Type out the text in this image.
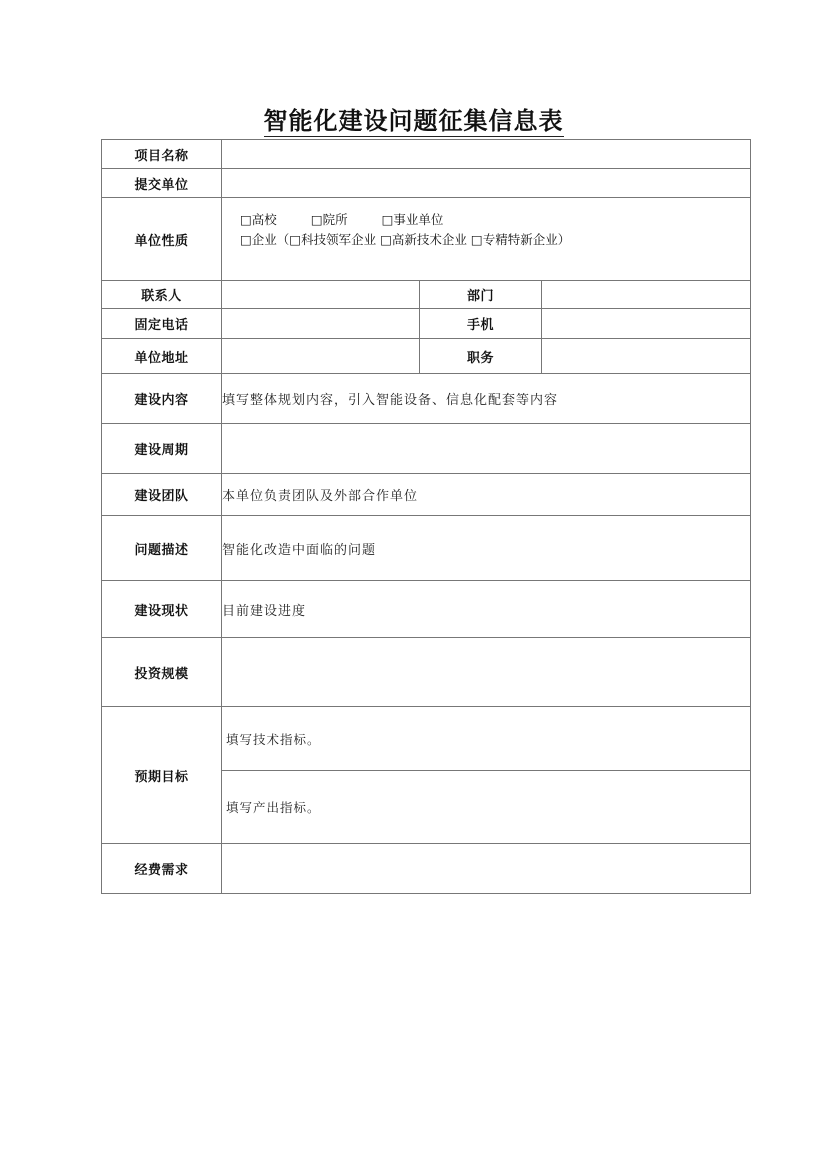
智能化建设问题征集信息表
项目名称			
提交单位			
单位性质	□高校 □院所 □事业单位
□企业（□科技领军企业 □高新技术企业 □专精特新企业）		

联系人		部门	
固定电话		手机	
单位地址		职务	
建设内容	填写整体规划内容，引入智能设备、信息化配套等内容		
建设周期			
建设团队	本单位负责团队及外部合作单位		
问题描述	智能化改造中面临的问题		
建设现状	目前建设进度		
投资规模			
预期目标	填写技术指标。
填写产出指标。		

经费需求			
